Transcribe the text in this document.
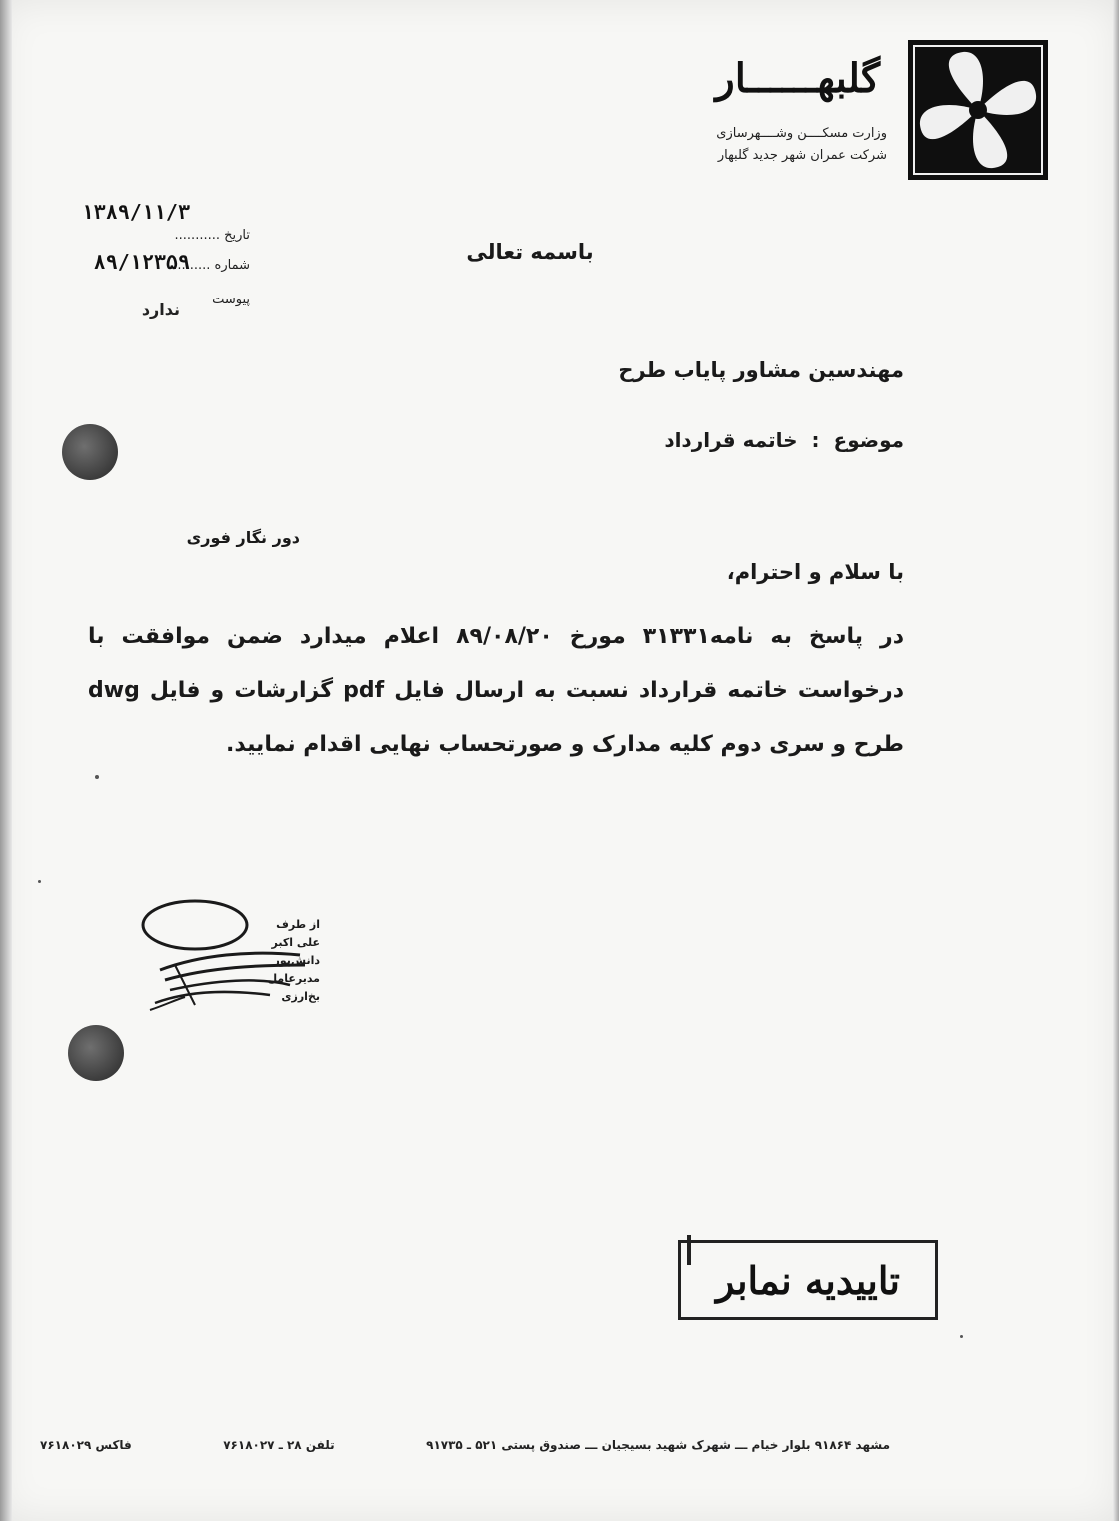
گلبهــــــار
وزارت مسکــــن وشــــهرسازی
شرکت عمران شهر جدید گلبهار
۱۳۸۹/۱۱/۳
تاریخ ...........
شماره ..........
۸۹/۱۲۳۵۹
پیوست
ندارد
باسمه تعالی
مهندسین مشاور پایاب طرح
موضوع:خاتمه قرارداد
دور نگار فوری
با سلام و احترام،
در پاسخ به نامه۳۱۳۳۱ مورخ ۸۹/۰۸/۲۰ اعلام میدارد ضمن موافقت با درخواست خاتمه قرارداد نسبت به ارسال فایل pdf گزارشات و فایل dwg طرح و سری دوم کلیه مدارک و صورتحساب نهایی اقدام نمایید.
از طرف
علی اکبر دانش‌پور
مدیرعامل
بخ‌ارزی
تاییدیه نمابر
مشهد ۹۱۸۶۴ بلوار خیام ـــ شهرک شهید بسیجیان ـــ صندوق پستی ۵۲۱ ـ ۹۱۷۳۵
تلفن ۲۸ ـ ۷۶۱۸۰۲۷
فاکس ۷۶۱۸۰۲۹
